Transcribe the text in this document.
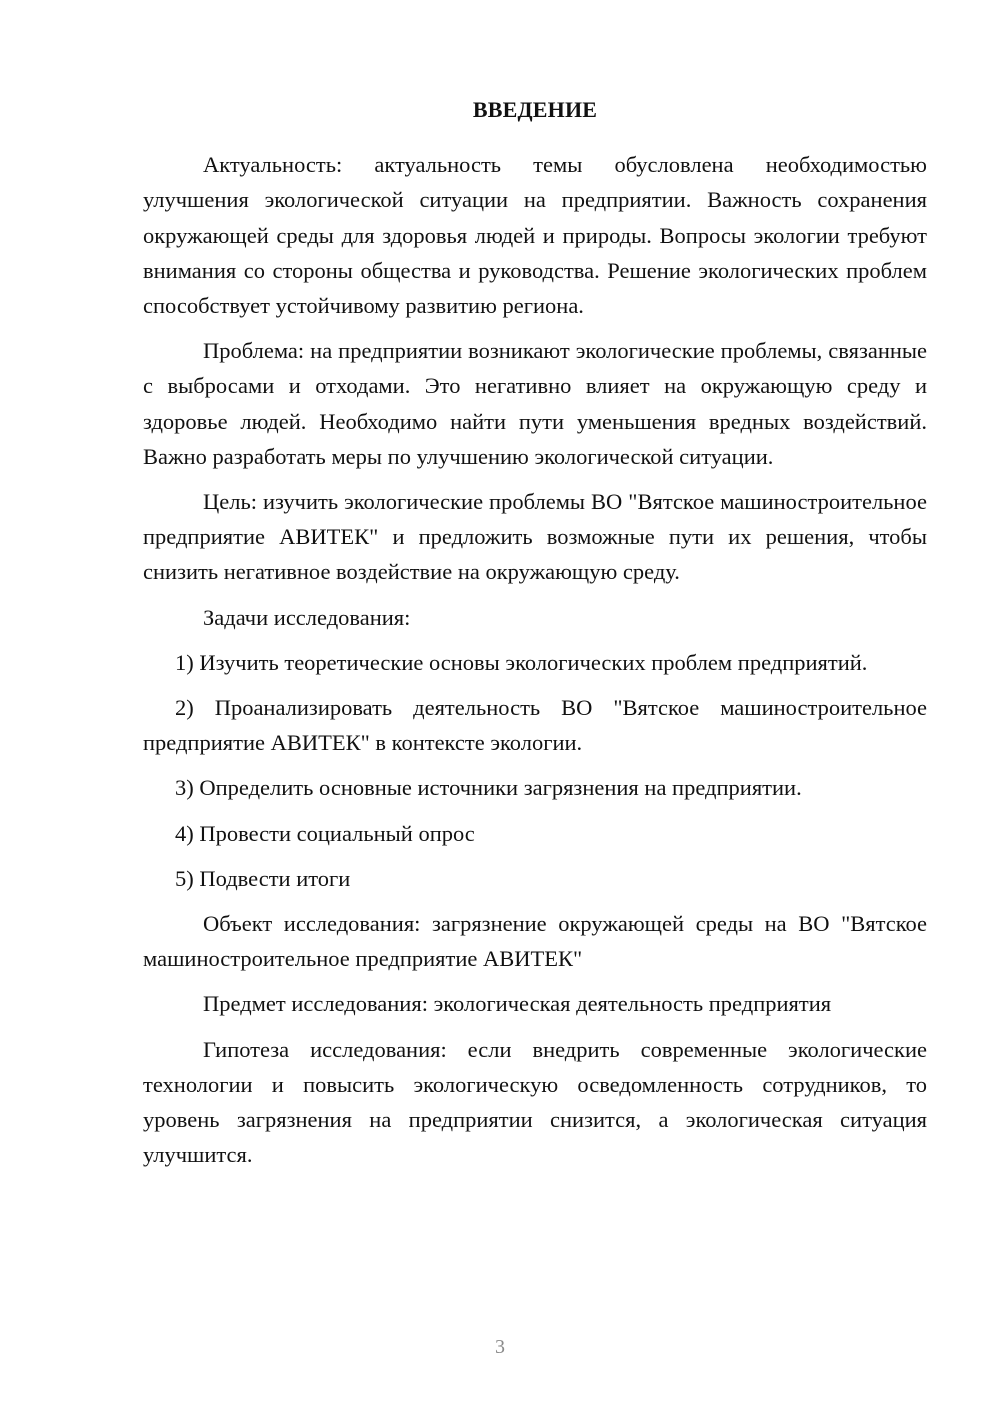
ВВЕДЕНИЕ

Актуальность: актуальность темы обусловлена необходимостью улучшения экологической ситуации на предприятии. Важность сохранения окружающей среды для здоровья людей и природы. Вопросы экологии требуют внимания со стороны общества и руководства. Решение экологических проблем способствует устойчивому развитию региона.

Проблема: на предприятии возникают экологические проблемы, связанные с выбросами и отходами. Это негативно влияет на окружающую среду и здоровье людей. Необходимо найти пути уменьшения вредных воздействий. Важно разработать меры по улучшению экологической ситуации.

Цель: изучить экологические проблемы ВО "Вятское машиностроительное предприятие АВИТЕК" и предложить возможные пути их решения, чтобы снизить негативное воздействие на окружающую среду.

Задачи исследования:

1) Изучить теоретические основы экологических проблем предприятий.

2) Проанализировать деятельность ВО "Вятское машиностроительное предприятие АВИТЕК" в контексте экологии.

3) Определить основные источники загрязнения на предприятии.

4) Провести социальный опрос

5) Подвести итоги

Объект исследования: загрязнение окружающей среды на ВО "Вятское машиностроительное предприятие АВИТЕК"

Предмет исследования: экологическая деятельность предприятия

Гипотеза исследования: если внедрить современные экологические технологии и повысить экологическую осведомленность сотрудников, то уровень загрязнения на предприятии снизится, а экологическая ситуация улучшится.

3
